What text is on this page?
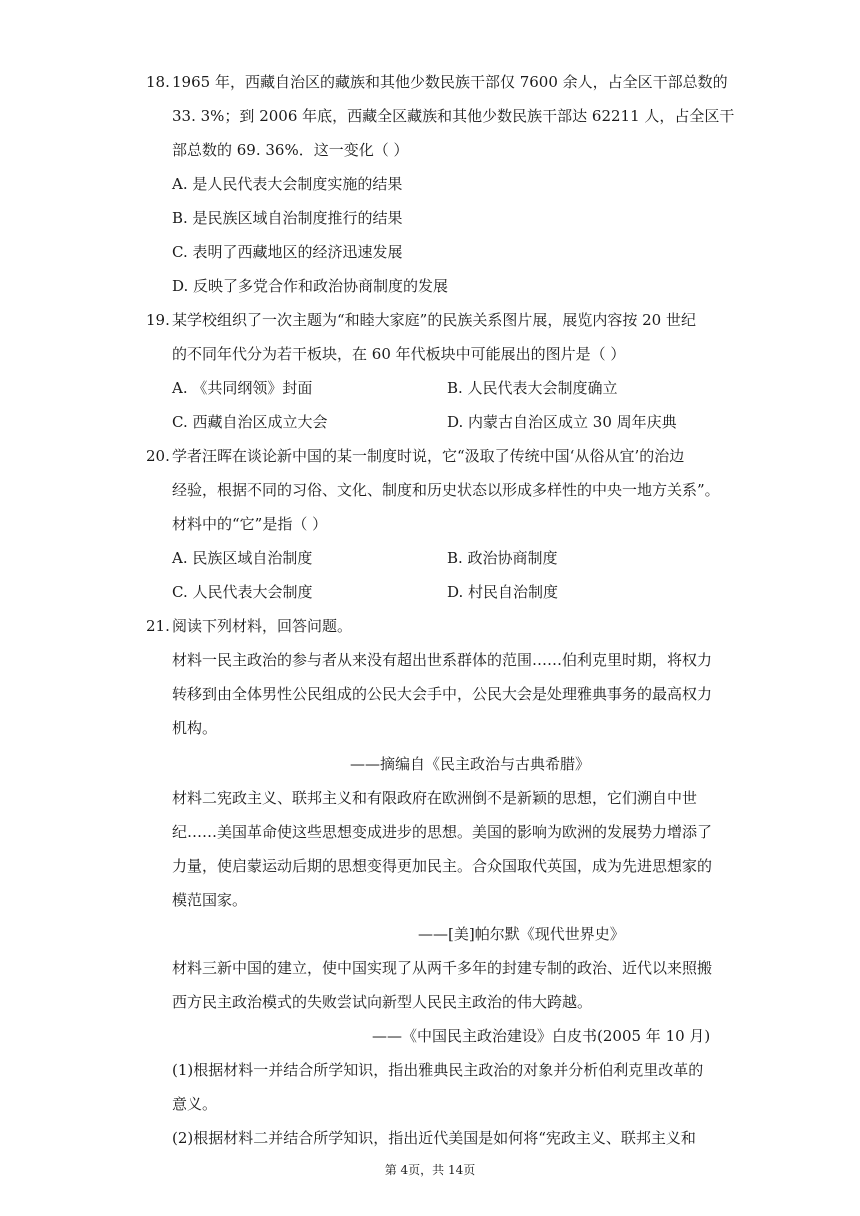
18. 1965 年，西藏自治区的藏族和其他少数民族干部仅 7600 余人，占全区干部总数的
33. 3%；到 2006 年底，西藏全区藏族和其他少数民族干部达 62211 人，占全区干
部总数的 69. 36%．这一变化（ ）
A. 是人民代表大会制度实施的结果
B. 是民族区域自治制度推行的结果
C. 表明了西藏地区的经济迅速发展
D. 反映了多党合作和政治协商制度的发展
19. 某学校组织了一次主题为“和睦大家庭”的民族关系图片展，展览内容按 20 世纪
的不同年代分为若干板块，在 60 年代板块中可能展出的图片是（ ）
A. 《共同纲领》封面	B. 人民代表大会制度确立
C. 西藏自治区成立大会	D. 内蒙古自治区成立 30 周年庆典
20. 学者汪晖在谈论新中国的某一制度时说，它“汲取了传统中国‘从俗从宜’的治边
经验，根据不同的习俗、文化、制度和历史状态以形成多样性的中央一地方关系”。
材料中的“它”是指（ ）
A. 民族区域自治制度	B. 政治协商制度
C. 人民代表大会制度	D. 村民自治制度
21. 阅读下列材料，回答问题。
材料一民主政治的参与者从来没有超出世系群体的范围……伯利克里时期，将权力
转移到由全体男性公民组成的公民大会手中，公民大会是处理雅典事务的最高权力
机构。
——摘编自《民主政治与古典希腊》
材料二宪政主义、联邦主义和有限政府在欧洲倒不是新颖的思想，它们溯自中世
纪……美国革命使这些思想变成进步的思想。美国的影响为欧洲的发展势力增添了
力量，使启蒙运动后期的思想变得更加民主。合众国取代英国，成为先进思想家的
模范国家。
——[美]帕尔默《现代世界史》
材料三新中国的建立，使中国实现了从两千多年的封建专制的政治、近代以来照搬
西方民主政治模式的失败尝试向新型人民民主政治的伟大跨越。
——《中国民主政治建设》白皮书(2005 年 10 月)
(1)根据材料一并结合所学知识，指出雅典民主政治的对象并分析伯利克里改革的
意义。
(2)根据材料二并结合所学知识，指出近代美国是如何将“宪政主义、联邦主义和
第 4页，共 14页
